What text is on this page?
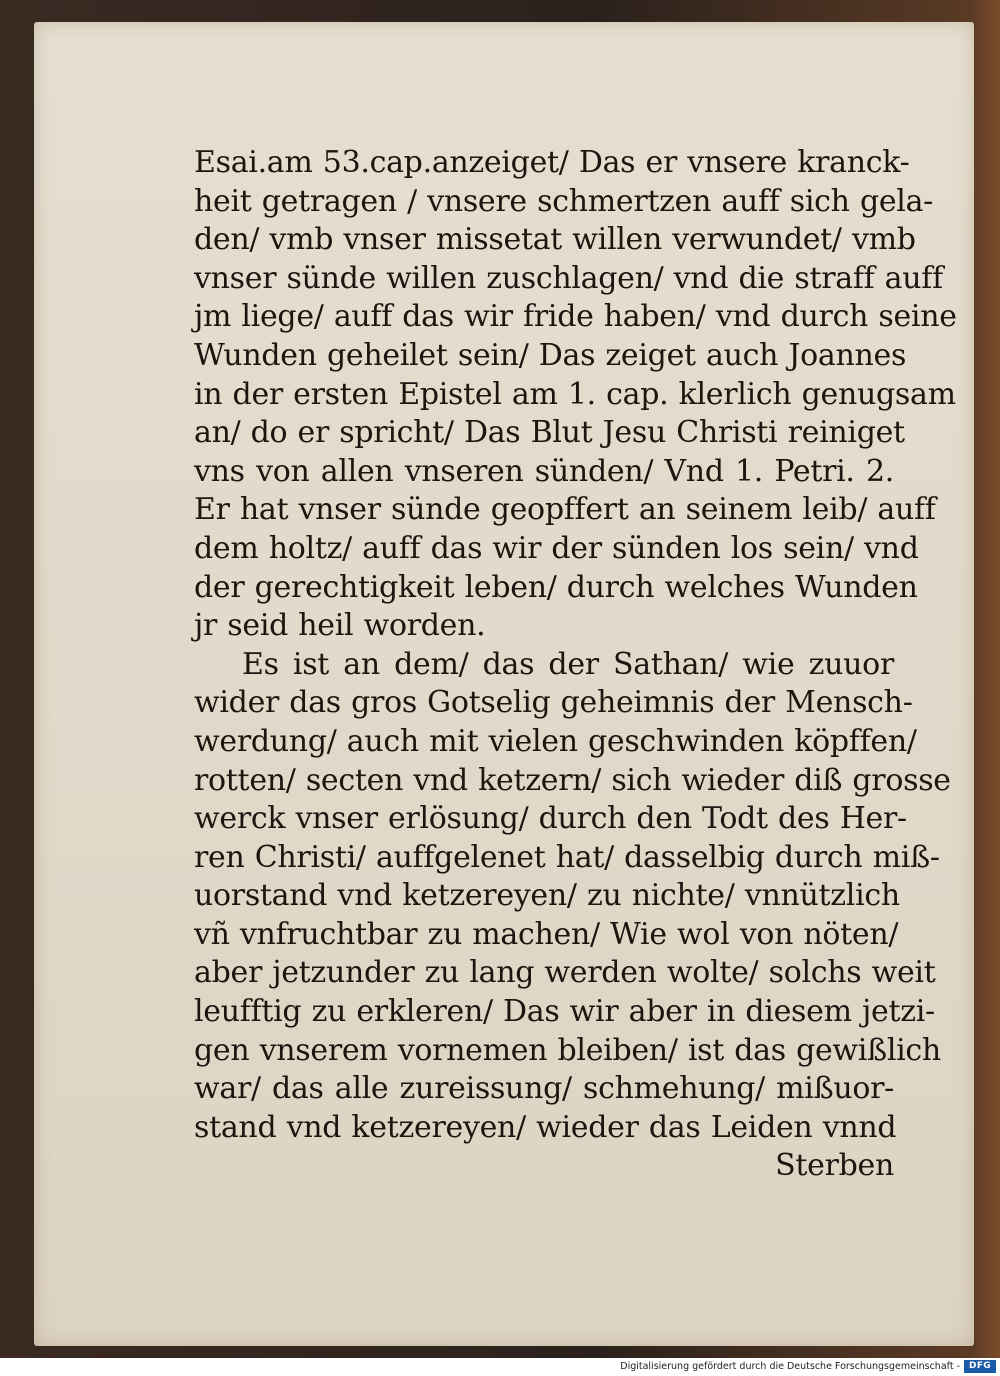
Esai.am 53.cap.anzeiget/ Das er vnsere kranck-
heit getragen / vnsere schmertzen auff sich gela-
den/ vmb vnser missetat willen verwundet/ vmb
vnser sünde willen zuschlagen/ vnd die straff auff
jm liege/ auff das wir fride haben/ vnd durch seine
Wunden geheilet sein/ Das zeiget auch Joannes
in der ersten Epistel am 1. cap. klerlich genugsam
an/ do er spricht/ Das Blut Jesu Christi reiniget
vns von allen vnseren sünden/ Vnd 1. Petri. 2.
Er hat vnser sünde geopffert an seinem leib/ auff
dem holtz/ auff das wir der sünden los sein/ vnd
der gerechtigkeit leben/ durch welches Wunden
jr seid heil worden.
Es ist an dem/ das der Sathan/ wie zuuor
wider das gros Gotselig geheimnis der Mensch-
werdung/ auch mit vielen geschwinden köpffen/
rotten/ secten vnd ketzern/ sich wieder diß grosse
werck vnser erlösung/ durch den Todt des Her-
ren Christi/ auffgelenet hat/ dasselbig durch miß-
uorstand vnd ketzereyen/ zu nichte/ vnnützlich
vñ vnfruchtbar zu machen/ Wie wol von nöten/
aber jetzunder zu lang werden wolte/ solchs weit
leufftig zu erkleren/ Das wir aber in diesem jetzi-
gen vnserem vornemen bleiben/ ist das gewißlich
war/ das alle zureissung/ schmehung/ mißuor-
stand vnd ketzereyen/ wieder das Leiden vnnd
Sterben
Digitalisierung gefördert durch die Deutsche Forschungsgemeinschaft -	DFG
